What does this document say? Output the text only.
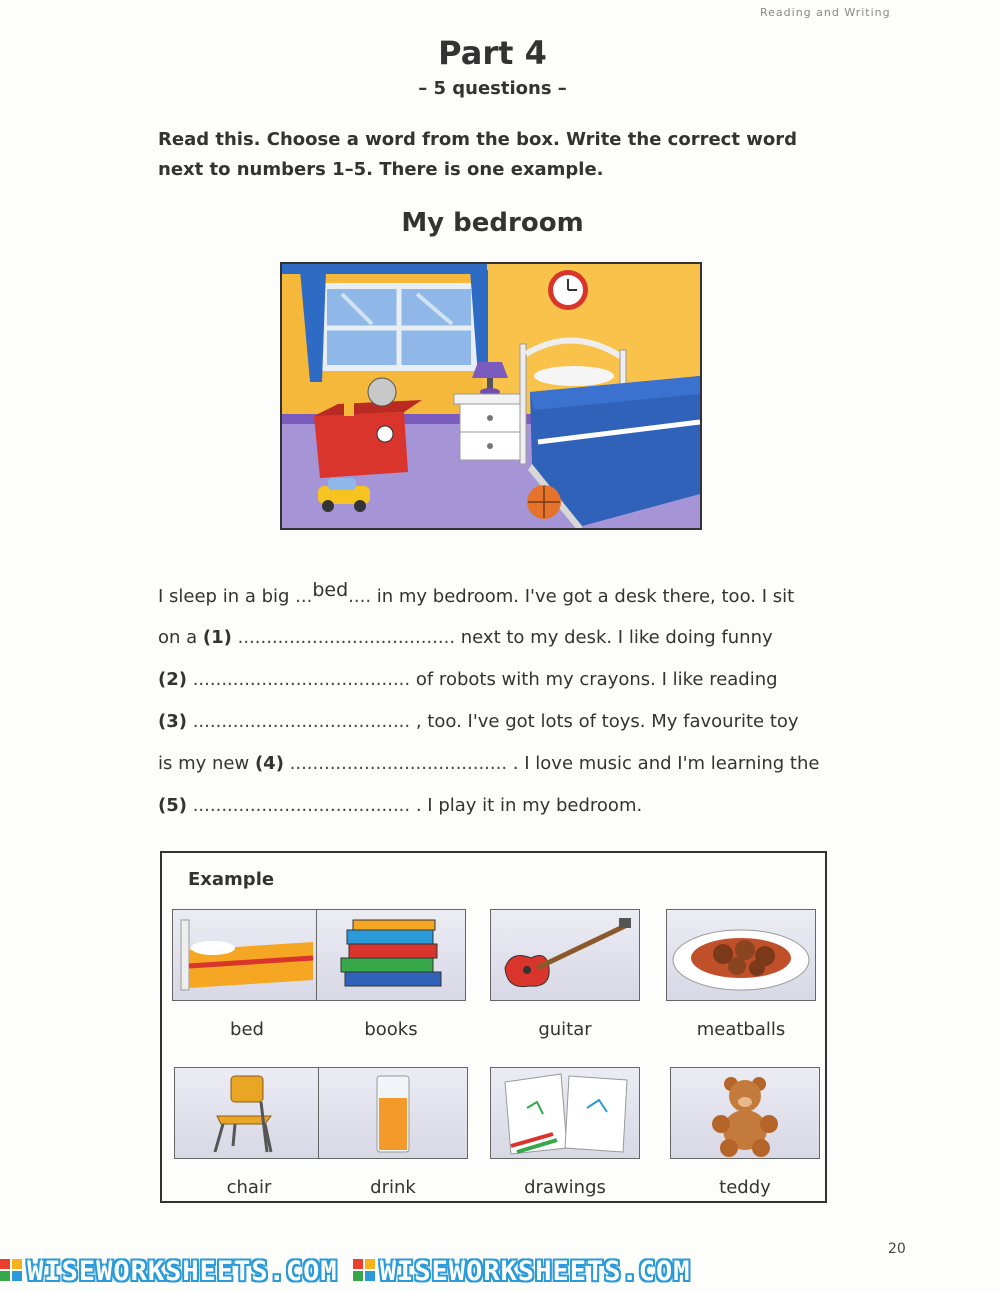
Reading and Writing
Part 4
– 5 questions –
Read this. Choose a word from the box. Write the correct word
next to numbers 1–5. There is one example.
My bedroom
I sleep in a big ...bed.... in my bedroom. I've got a desk there, too. I sit
on a (1) ...................................... next to my desk. I like doing funny
(2) ...................................... of robots with my crayons. I like reading
(3) ...................................... , too. I've got lots of toys. My favourite toy
is my new (4) ...................................... . I love music and I'm learning the
(5) ...................................... . I play it in my bedroom.
Example
bed	books	guitar	meatballs
chair	drink	drawings	teddy
20
WISEWORKSHEETS.COM WISEWORKSHEETS.COM
